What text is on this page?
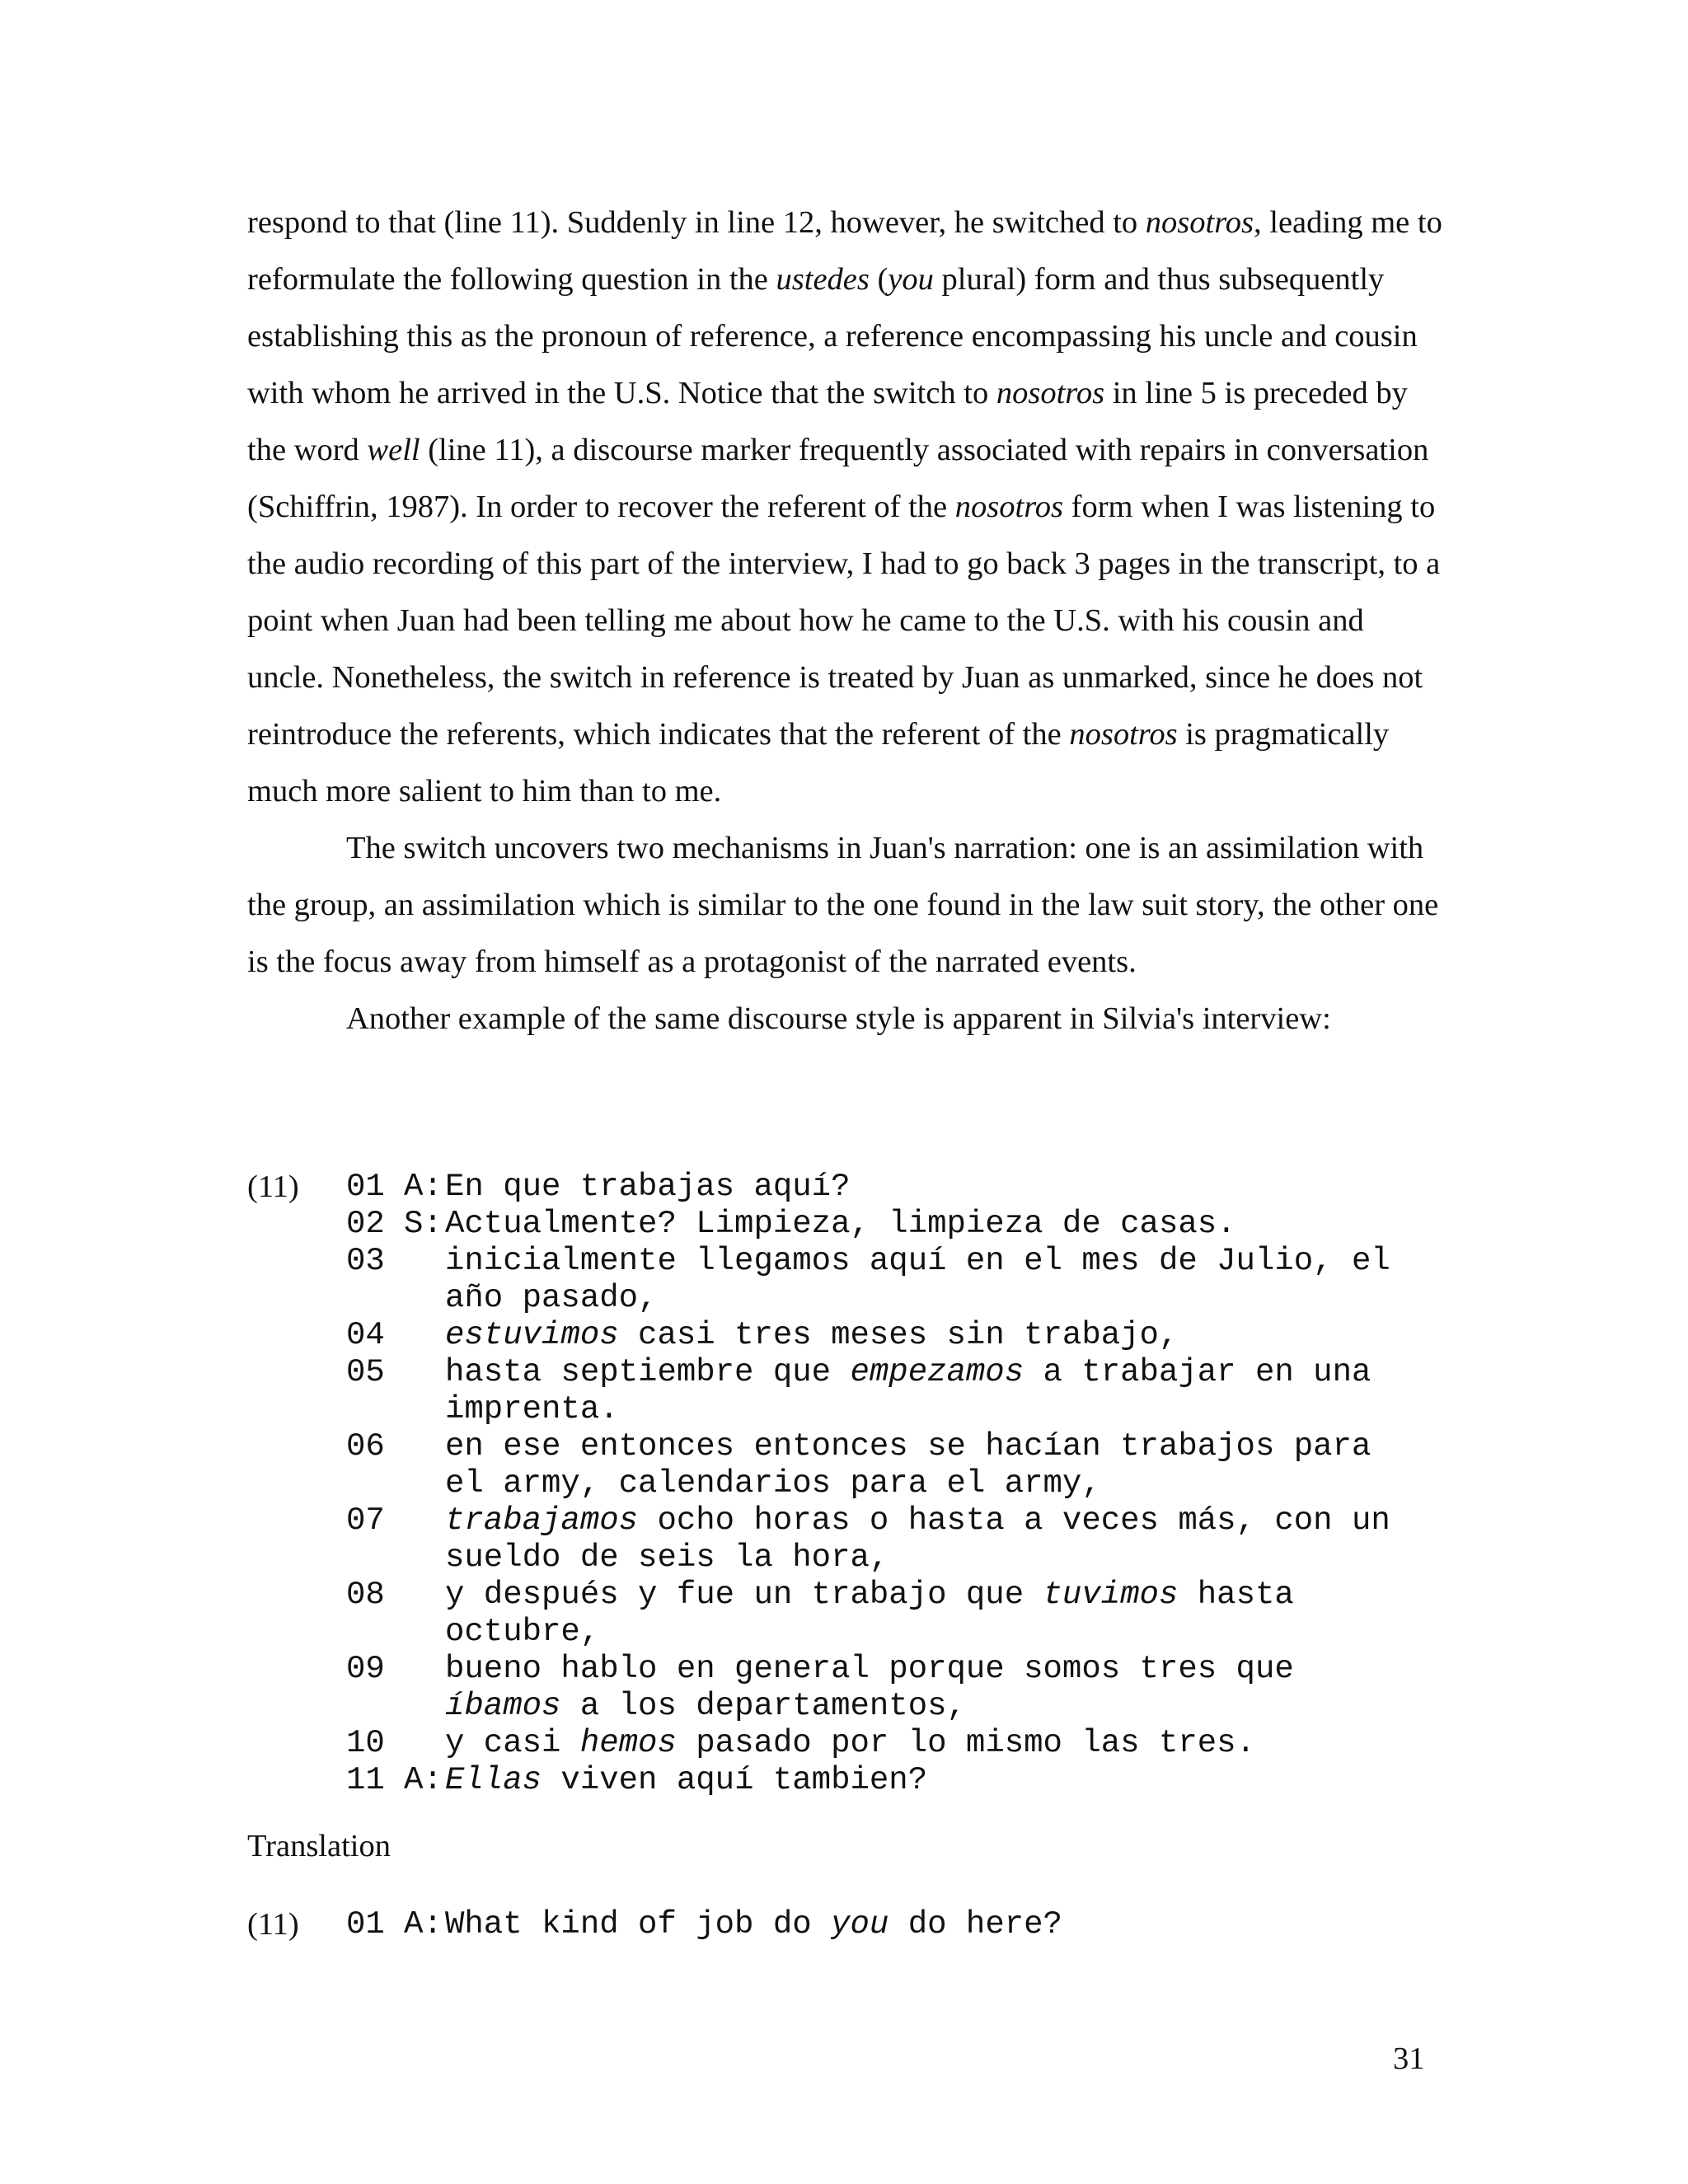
respond to that (line 11). Suddenly in line 12, however, he switched to nosotros, leading me to reformulate the following question in the ustedes (you plural) form and thus subsequently establishing this as the pronoun of reference, a reference encompassing his uncle and cousin with whom he arrived in the U.S. Notice that the switch to nosotros in line 5 is preceded by the word well (line 11), a discourse marker frequently associated with repairs in conversation (Schiffrin, 1987). In order to recover the referent of the nosotros form when I was listening to the audio recording of this part of the interview, I had to go back 3 pages in the transcript, to a point when Juan had been telling me about how he came to the U.S. with his cousin and uncle. Nonetheless, the switch in reference is treated by Juan as unmarked, since he does not reintroduce the referents, which indicates that the referent of the nosotros is pragmatically much more salient to him than to me.

The switch uncovers two mechanisms in Juan's narration: one is an assimilation with the group, an assimilation which is similar to the one found in the law suit story, the other one is the focus away from himself as a protagonist of the narrated events.

Another example of the same discourse style is apparent in Silvia's interview:

(11) 01 A: En que trabajas aquí?
02 S: Actualmente? Limpieza, limpieza de casas.
03	inicialmente llegamos aquí en el mes de Julio, el
año pasado,
04	estuvimos casi tres meses sin trabajo,
05	hasta septiembre que empezamos a trabajar en una
imprenta.
06	en ese entonces entonces se hacían trabajos para
el army, calendarios para el army,
07	trabajamos ocho horas o hasta a veces más, con un
sueldo de seis la hora,
08	y después y fue un trabajo que tuvimos hasta
octubre,
09	bueno hablo en general porque somos tres que
íbamos a los departamentos,
10	y casi hemos pasado por lo mismo las tres.
11 A: Ellas viven aquí tambien?
Translation
(11) 01 A: What kind of job do you do here?
31
